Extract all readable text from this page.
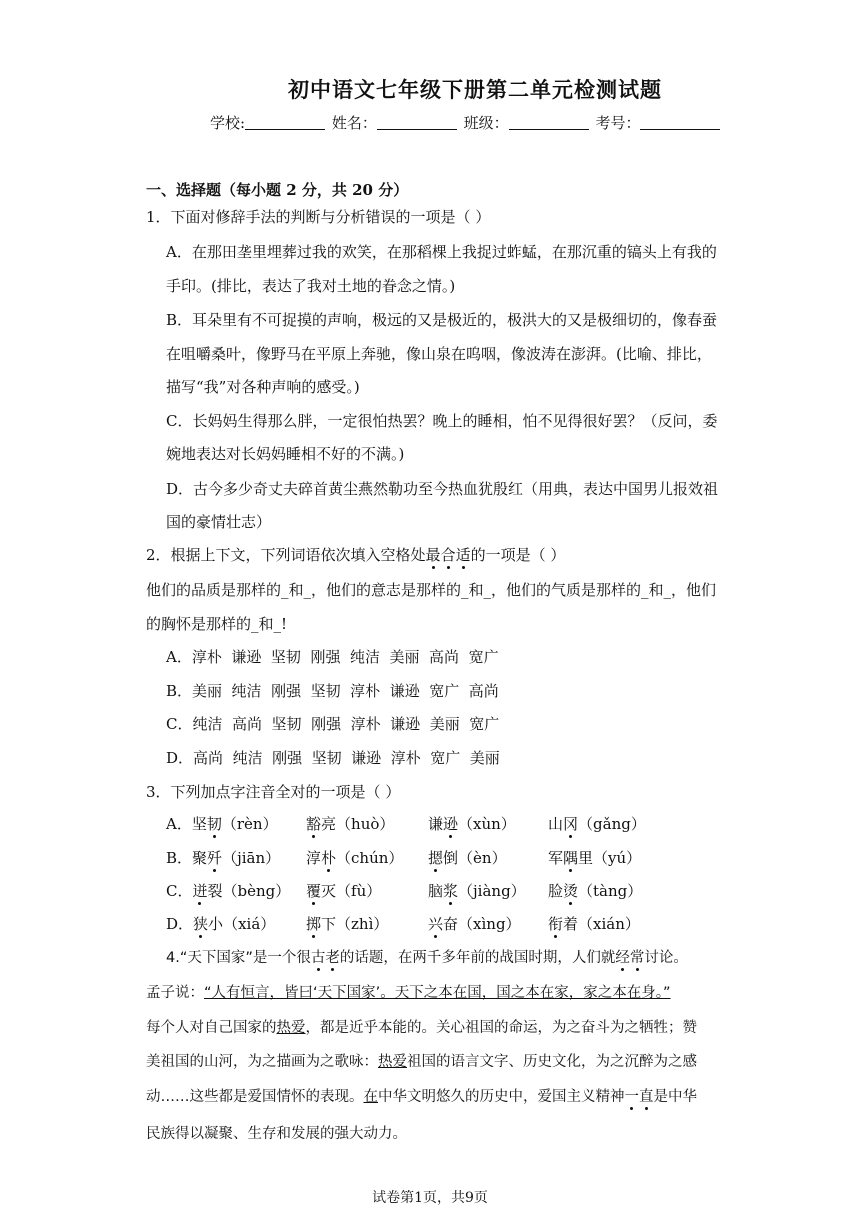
初中语文七年级下册第二单元检测试题
学校:	姓名：	班级：	考号：
一、选择题（每小题 2 分，共 20 分）
1．下面对修辞手法的判断与分析错误的一项是（ ）
A．在那田垄里埋葬过我的欢笑，在那稻棵上我捉过蚱蜢，在那沉重的镐头上有我的
手印。(排比，表达了我对土地的眷念之情。)
B．耳朵里有不可捉摸的声响，极远的又是极近的，极洪大的又是极细切的，像春蚕
在咀嚼桑叶，像野马在平原上奔驰，像山泉在呜咽，像波涛在澎湃。(比喻、排比，
描写“我”对各种声响的感受。)
C．长妈妈生得那么胖，一定很怕热罢？晚上的睡相，怕不见得很好罢？（反问，委
婉地表达对长妈妈睡相不好的不满。)
D．古今多少奇丈夫碎首黄尘燕然勒功至今热血犹殷红（用典，表达中国男儿报效祖
国的豪情壮志）
2．根据上下文，下列词语依次填入空格处最合适的一项是（ ）
他们的品质是那样的_和_，他们的意志是那样的_和_，他们的气质是那样的_和_，他们
的胸怀是那样的_和_!
A．淳朴  谦逊  坚韧  刚强  纯洁  美丽  高尚  宽广
B．美丽  纯洁  刚强  坚韧  淳朴  谦逊  宽广  高尚
C．纯洁  高尚  坚韧  刚强  淳朴  谦逊  美丽  宽广
D．高尚  纯洁  刚强  坚韧  谦逊  淳朴  宽广  美丽
3．下列加点字注音全对的一项是（ ）
A．坚韧（rèn） 豁亮（huò） 谦逊（xùn） 山冈（gǎng）
B．聚歼（jiān） 淳朴（chún） 摁倒（èn）	军隅里（yú）
C．迸裂（bèng） 覆灭（fù）	脑浆（jiàng） 脸烫（tàng）
D．狭小（xiá） 掷下（zhì）	兴奋（xìng） 衔着（xián）
4.“天下国家”是一个很古老的话题，在两千多年前的战国时期，人们就经常讨论。
孟子说：“人有恒言，皆曰‘天下国家’。天下之本在国，国之本在家，家之本在身。”
每个人对自己国家的热爱，都是近乎本能的。关心祖国的命运，为之奋斗为之牺牲；赞
美祖国的山河，为之描画为之歌咏：热爱祖国的语言文字、历史文化，为之沉醉为之感
动……这些都是爱国情怀的表现。在中华文明悠久的历史中，爱国主义精神一直是中华
民族得以凝聚、生存和发展的强大动力。
试卷第1页，共9页
